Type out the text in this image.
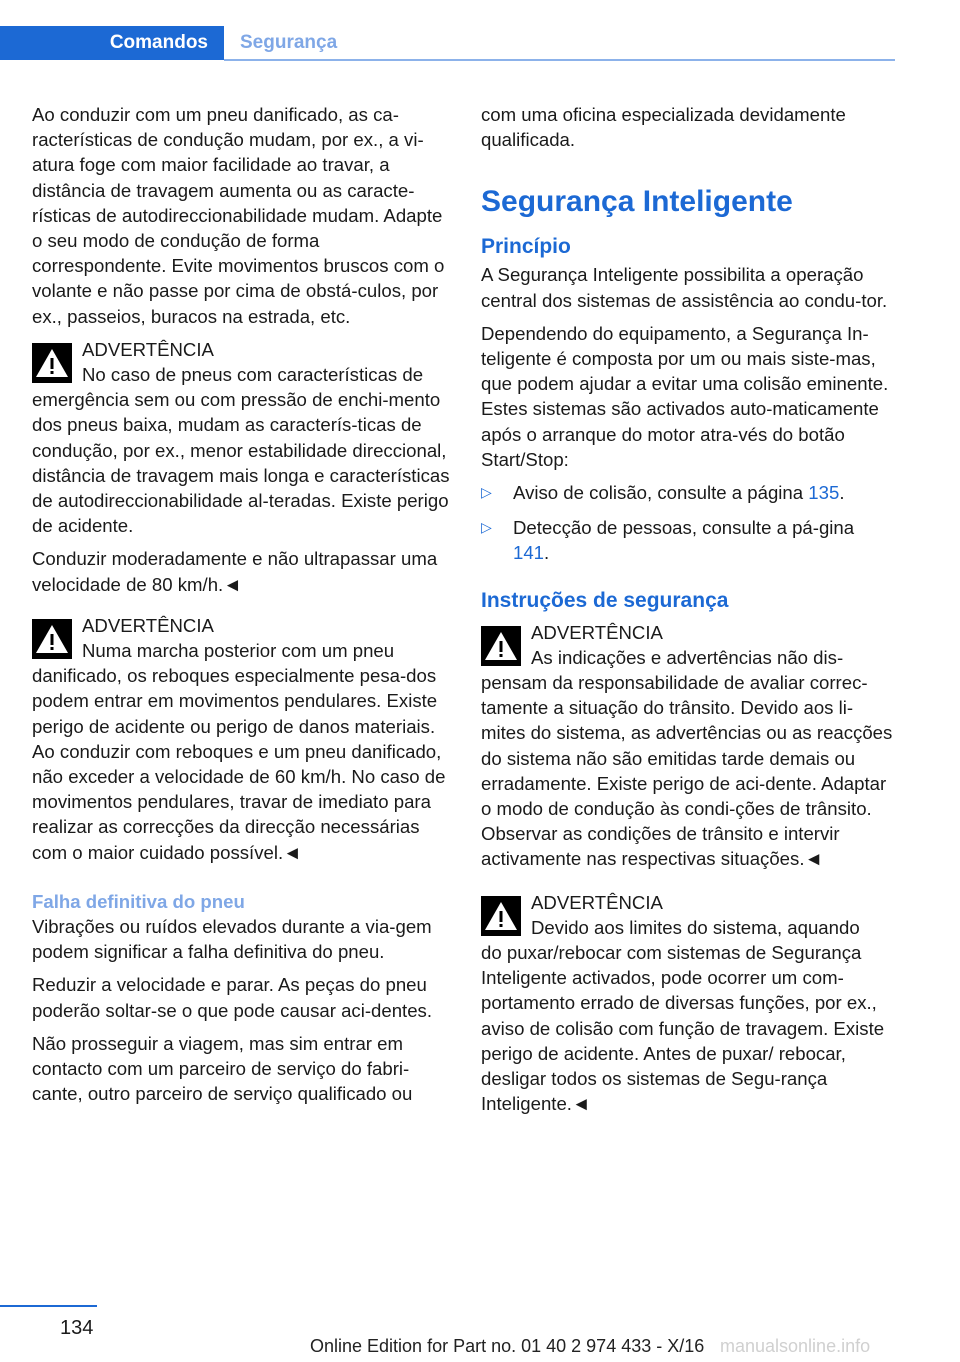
Comandos	Segurança

Ao conduzir com um pneu danificado, as ca-racterísticas de condução mudam, por ex., a vi-atura foge com maior facilidade ao travar, a distância de travagem aumenta ou as caracte-rísticas de autodireccionabilidade mudam. Adapte o seu modo de condução de forma correspondente. Evite movimentos bruscos com o volante e não passe por cima de obstá-culos, por ex., passeios, buracos na estrada, etc.

ADVERTÊNCIA
No caso de pneus com características de
emergência sem ou com pressão de enchi-mento dos pneus baixa, mudam as caracterís-ticas de condução, por ex., menor estabilidade direccional, distância de travagem mais longa e características de autodireccionabilidade al-teradas. Existe perigo de acidente.

Conduzir moderadamente e não ultrapassar uma velocidade de 80 km/h.◄

ADVERTÊNCIA
Numa marcha posterior com um pneu
danificado, os reboques especialmente pesa-dos podem entrar em movimentos pendulares. Existe perigo de acidente ou perigo de danos materiais. Ao conduzir com reboques e um pneu danificado, não exceder a velocidade de 60 km/h. No caso de movimentos pendulares, travar de imediato para realizar as correcções da direcção necessárias com o maior cuidado possível.◄
Falha definitiva do pneu

Vibrações ou ruídos elevados durante a via-gem podem significar a falha definitiva do pneu.

Reduzir a velocidade e parar. As peças do pneu poderão soltar-se o que pode causar aci-dentes.

Não prosseguir a viagem, mas sim entrar em contacto com um parceiro de serviço do fabri-cante, outro parceiro de serviço qualificado ou

com uma oficina especializada devidamente qualificada.

Segurança Inteligente
Princípio

A Segurança Inteligente possibilita a operação central dos sistemas de assistência ao condu-tor.

Dependendo do equipamento, a Segurança In-teligente é composta por um ou mais siste-mas, que podem ajudar a evitar uma colisão eminente. Estes sistemas são activados auto-maticamente após o arranque do motor atra-vés do botão Start/Stop:

▷ Aviso de colisão, consulte a página 135.
▷ Detecção de pessoas, consulte a pá-gina 141.
Instruções de segurança
ADVERTÊNCIA
As indicações e advertências não dis-
pensam da responsabilidade de avaliar correc-tamente a situação do trânsito. Devido aos li-mites do sistema, as advertências ou as reacções do sistema não são emitidas tarde demais ou erradamente. Existe perigo de aci-dente. Adaptar o modo de condução às condi-ções de trânsito. Observar as condições de trânsito e intervir activamente nas respectivas situações.◄
ADVERTÊNCIA
Devido aos limites do sistema, aquando
do puxar/rebocar com sistemas de Segurança Inteligente activados, pode ocorrer um com-portamento errado de diversas funções, por ex., aviso de colisão com função de travagem. Existe perigo de acidente. Antes de puxar/ rebocar, desligar todos os sistemas de Segu-rança Inteligente.◄
134
Online Edition for Part no. 01 40 2 974 433 - X/16 manualsonline.info
